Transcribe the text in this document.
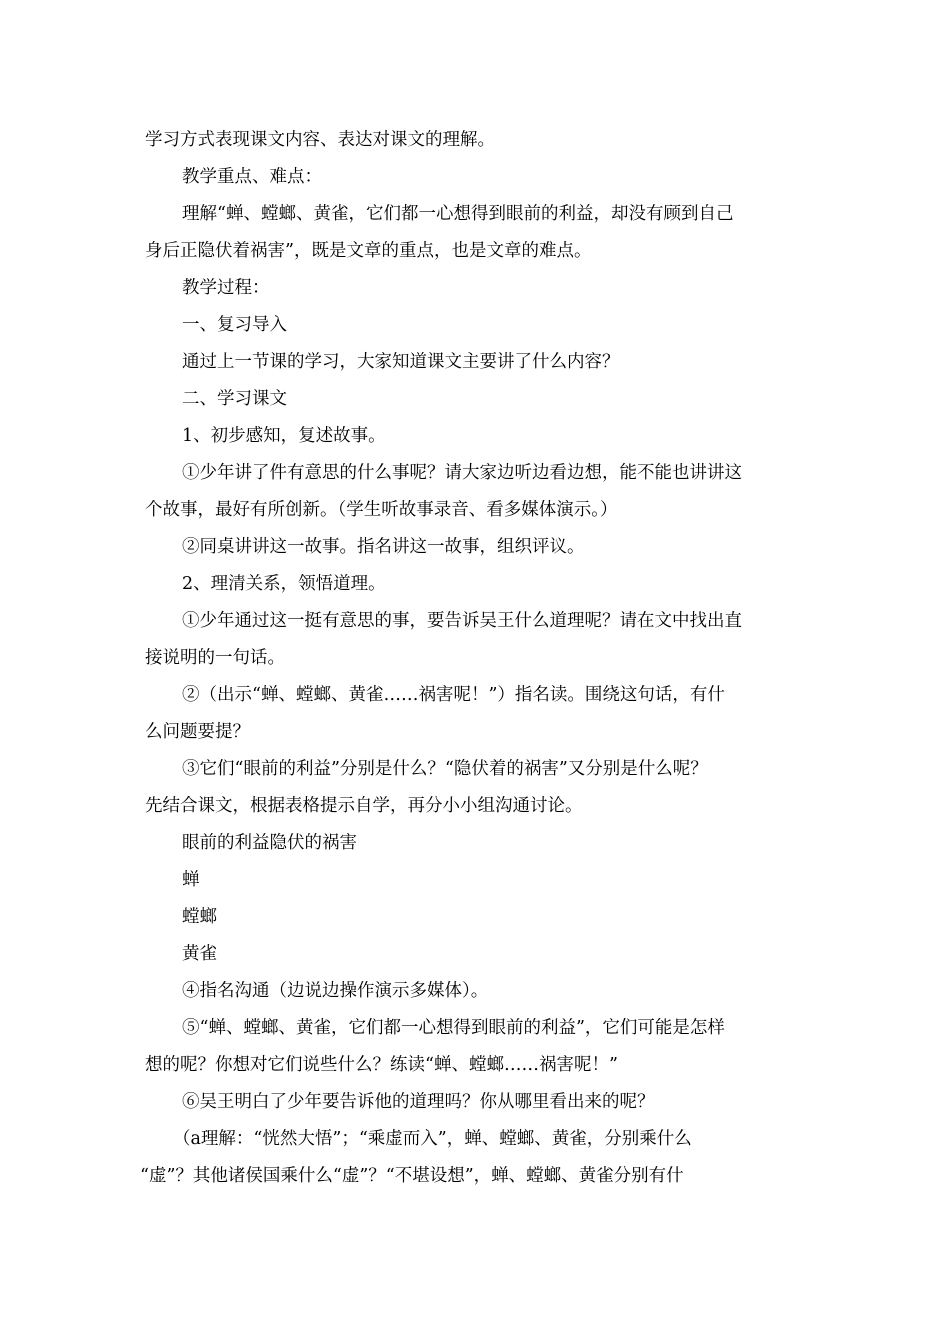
学习方式表现课文内容、表达对课文的理解。
教学重点、难点：
理解“蝉、螳螂、黄雀，它们都一心想得到眼前的利益，却没有顾到自己
身后正隐伏着祸害”，既是文章的重点，也是文章的难点。
教学过程：
一、复习导入
通过上一节课的学习，大家知道课文主要讲了什么内容？
二、学习课文
1、初步感知，复述故事。
①少年讲了件有意思的什么事呢？请大家边听边看边想，能不能也讲讲这
个故事，最好有所创新。（学生听故事录音、看多媒体演示。）
②同桌讲讲这一故事。指名讲这一故事，组织评议。
2、理清关系，领悟道理。
①少年通过这一挺有意思的事，要告诉吴王什么道理呢？请在文中找出直
接说明的一句话。
②（出示“蝉、螳螂、黄雀……祸害呢！”）指名读。围绕这句话，有什
么问题要提？
③它们“眼前的利益”分别是什么？“隐伏着的祸害”又分别是什么呢？
先结合课文，根据表格提示自学，再分小小组沟通讨论。
眼前的利益隐伏的祸害
蝉
螳螂
黄雀
④指名沟通（边说边操作演示多媒体）。
⑤“蝉、螳螂、黄雀，它们都一心想得到眼前的利益”，它们可能是怎样
想的呢？你想对它们说些什么？练读“蝉、螳螂……祸害呢！”
⑥吴王明白了少年要告诉他的道理吗？你从哪里看出来的呢？
（a理解：“恍然大悟”；“乘虚而入”，蝉、螳螂、黄雀，分别乘什么
“虚”？其他诸侯国乘什么“虚”？“不堪设想”，蝉、螳螂、黄雀分别有什
